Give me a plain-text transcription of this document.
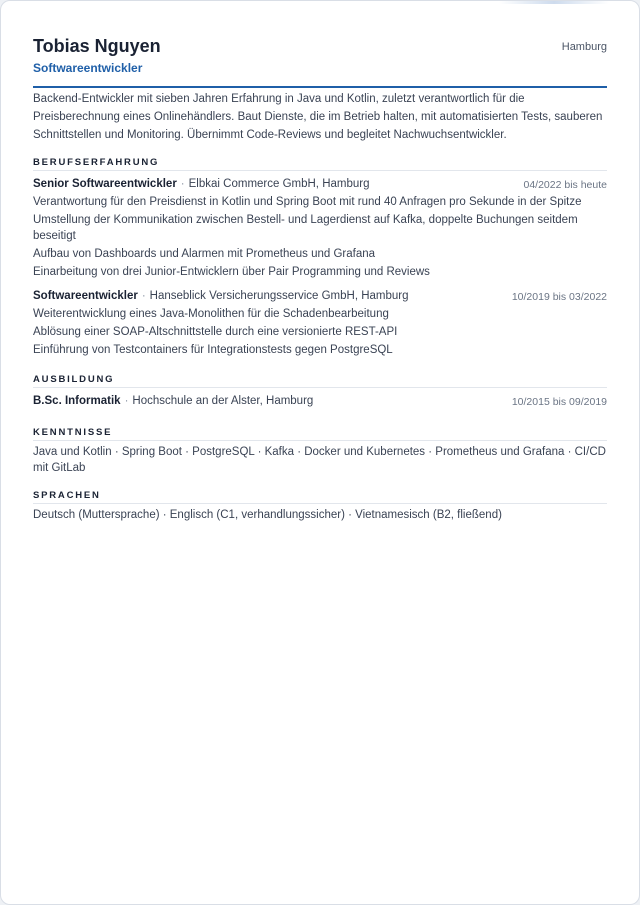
Tobias Nguyen	Hamburg
Softwareentwickler

Backend-Entwickler mit sieben Jahren Erfahrung in Java und Kotlin, zuletzt verantwortlich für die Preisberechnung eines Onlinehändlers. Baut Dienste, die im Betrieb halten, mit automatisierten Tests, sauberen Schnittstellen und Monitoring. Übernimmt Code-Reviews und begleitet Nachwuchsentwickler.

BERUFSERFAHRUNG
Senior Softwareentwickler · Elbkai Commerce GmbH, Hamburg	04/2022 bis heute
Verantwortung für den Preisdienst in Kotlin und Spring Boot mit rund 40 Anfragen pro Sekunde in der Spitze
Umstellung der Kommunikation zwischen Bestell- und Lagerdienst auf Kafka, doppelte Buchungen seitdem beseitigt
Aufbau von Dashboards und Alarmen mit Prometheus und Grafana
Einarbeitung von drei Junior-Entwicklern über Pair Programming und Reviews
Softwareentwickler · Hanseblick Versicherungsservice GmbH, Hamburg	10/2019 bis 03/2022
Weiterentwicklung eines Java-Monolithen für die Schadenbearbeitung
Ablösung einer SOAP-Altschnittstelle durch eine versionierte REST-API
Einführung von Testcontainers für Integrationstests gegen PostgreSQL
AUSBILDUNG
B.Sc. Informatik · Hochschule an der Alster, Hamburg	10/2015 bis 09/2019
KENNTNISSE

Java und Kotlin · Spring Boot · PostgreSQL · Kafka · Docker und Kubernetes · Prometheus und Grafana · CI/CD mit GitLab

SPRACHEN

Deutsch (Muttersprache) · Englisch (C1, verhandlungssicher) · Vietnamesisch (B2, fließend)
